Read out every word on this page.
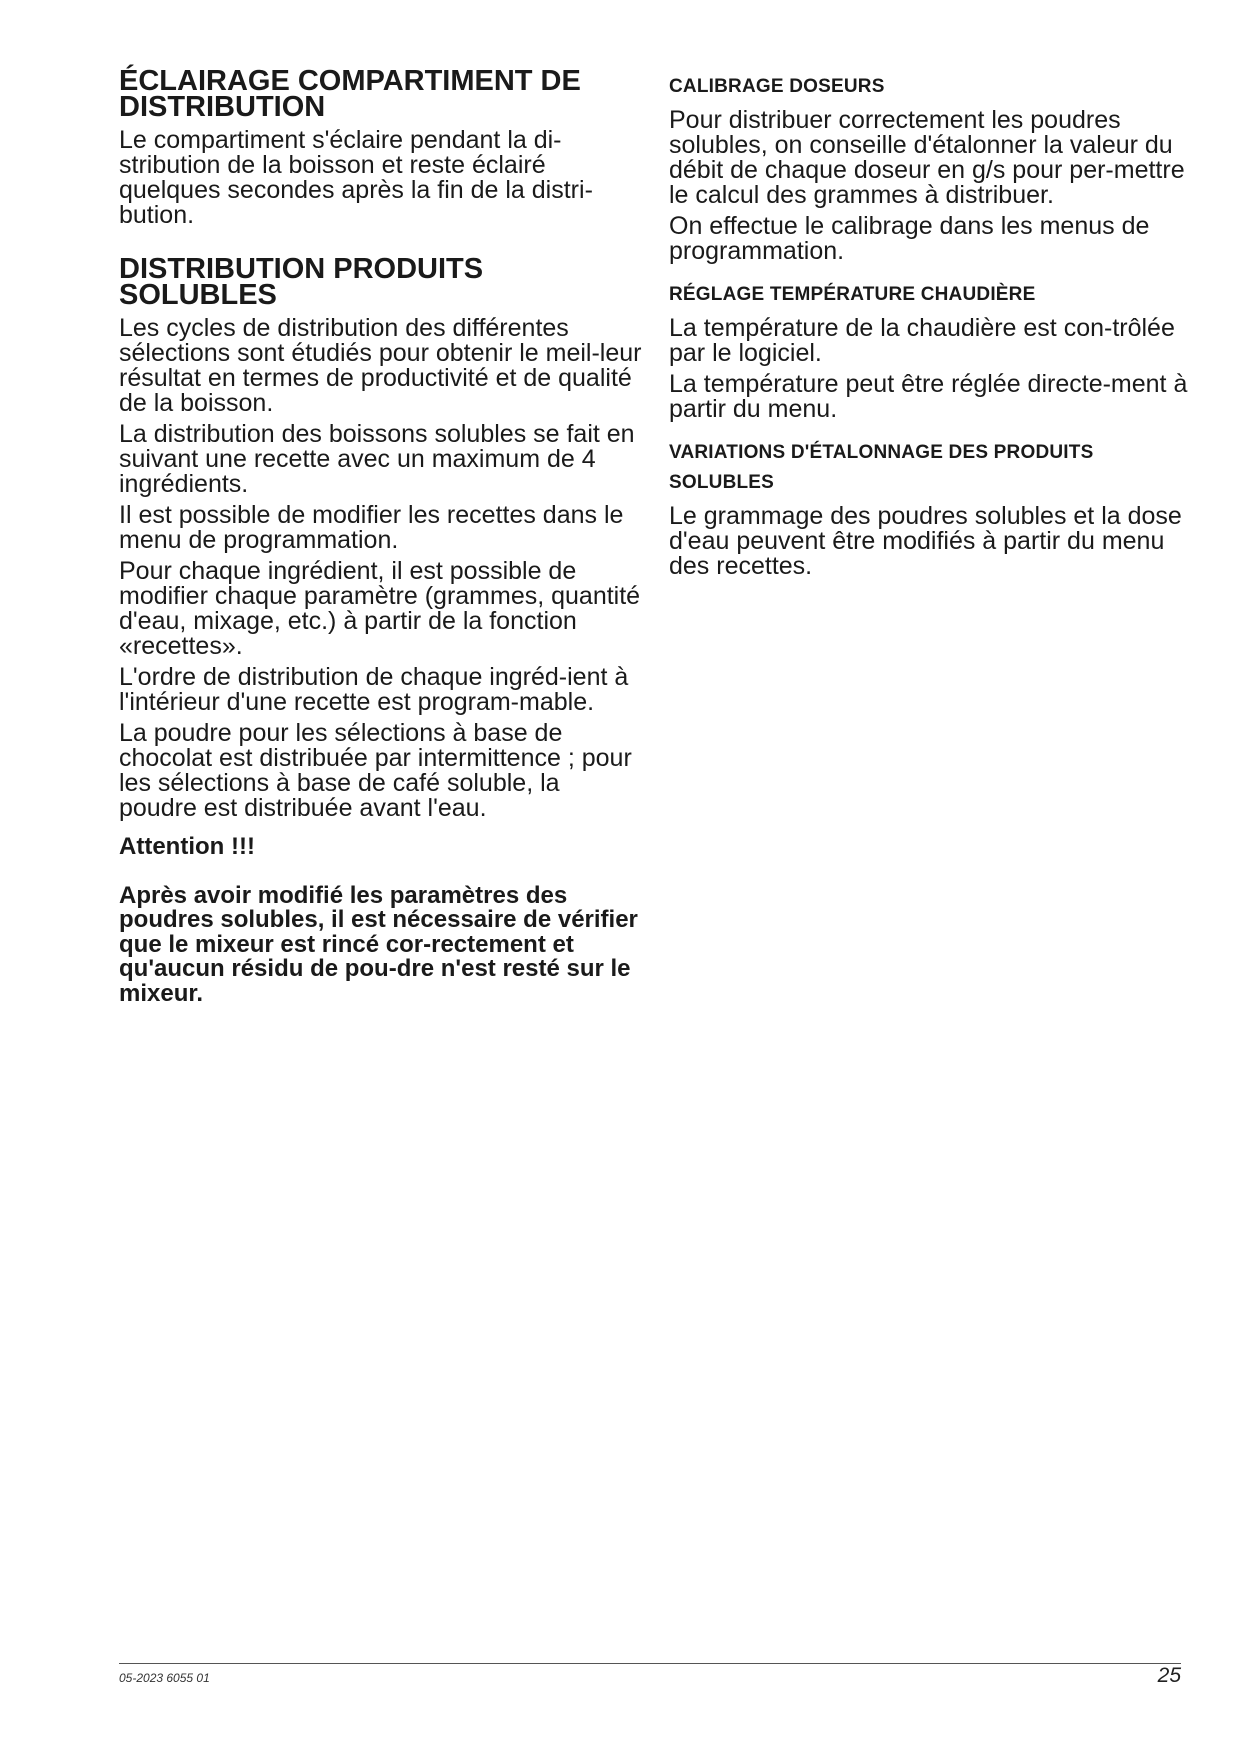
ÉCLAIRAGE COMPARTIMENT DE
DISTRIBUTION

Le compartiment s'éclaire pendant la di-stribution de la boisson et reste éclairé quelques secondes après la fin de la distri-bution.

DISTRIBUTION PRODUITS
SOLUBLES

Les cycles de distribution des différentes sélections sont étudiés pour obtenir le meil-leur résultat en termes de productivité et de qualité de la boisson.

La distribution des boissons solubles se fait en suivant une recette avec un maximum de 4 ingrédients.

Il est possible de modifier les recettes dans le menu de programmation.

Pour chaque ingrédient, il est possible de modifier chaque paramètre (grammes, quantité d'eau, mixage, etc.) à partir de la fonction «recettes».

L'ordre de distribution de chaque ingréd-ient à l'intérieur d'une recette est program-mable.

La poudre pour les sélections à base de chocolat est distribuée par intermittence ; pour les sélections à base de café soluble, la poudre est distribuée avant l'eau.

Attention !!!

Après avoir modifié les paramètres des poudres solubles, il est nécessaire de vérifier que le mixeur est rincé cor-rectement et qu'aucun résidu de pou-dre n'est resté sur le mixeur.

CALIBRAGE DOSEURS

Pour distribuer correctement les poudres solubles, on conseille d'étalonner la valeur du débit de chaque doseur en g/s pour per-mettre le calcul des grammes à distribuer.

On effectue le calibrage dans les menus de programmation.

RÉGLAGE TEMPÉRATURE CHAUDIÈRE

La température de la chaudière est con-trôlée par le logiciel.

La température peut être réglée directe-ment à partir du menu.

VARIATIONS D'ÉTALONNAGE DES PRODUITS
SOLUBLES

Le grammage des poudres solubles et la dose d'eau peuvent être modifiés à partir du menu des recettes.

05-2023 6055 01	25
